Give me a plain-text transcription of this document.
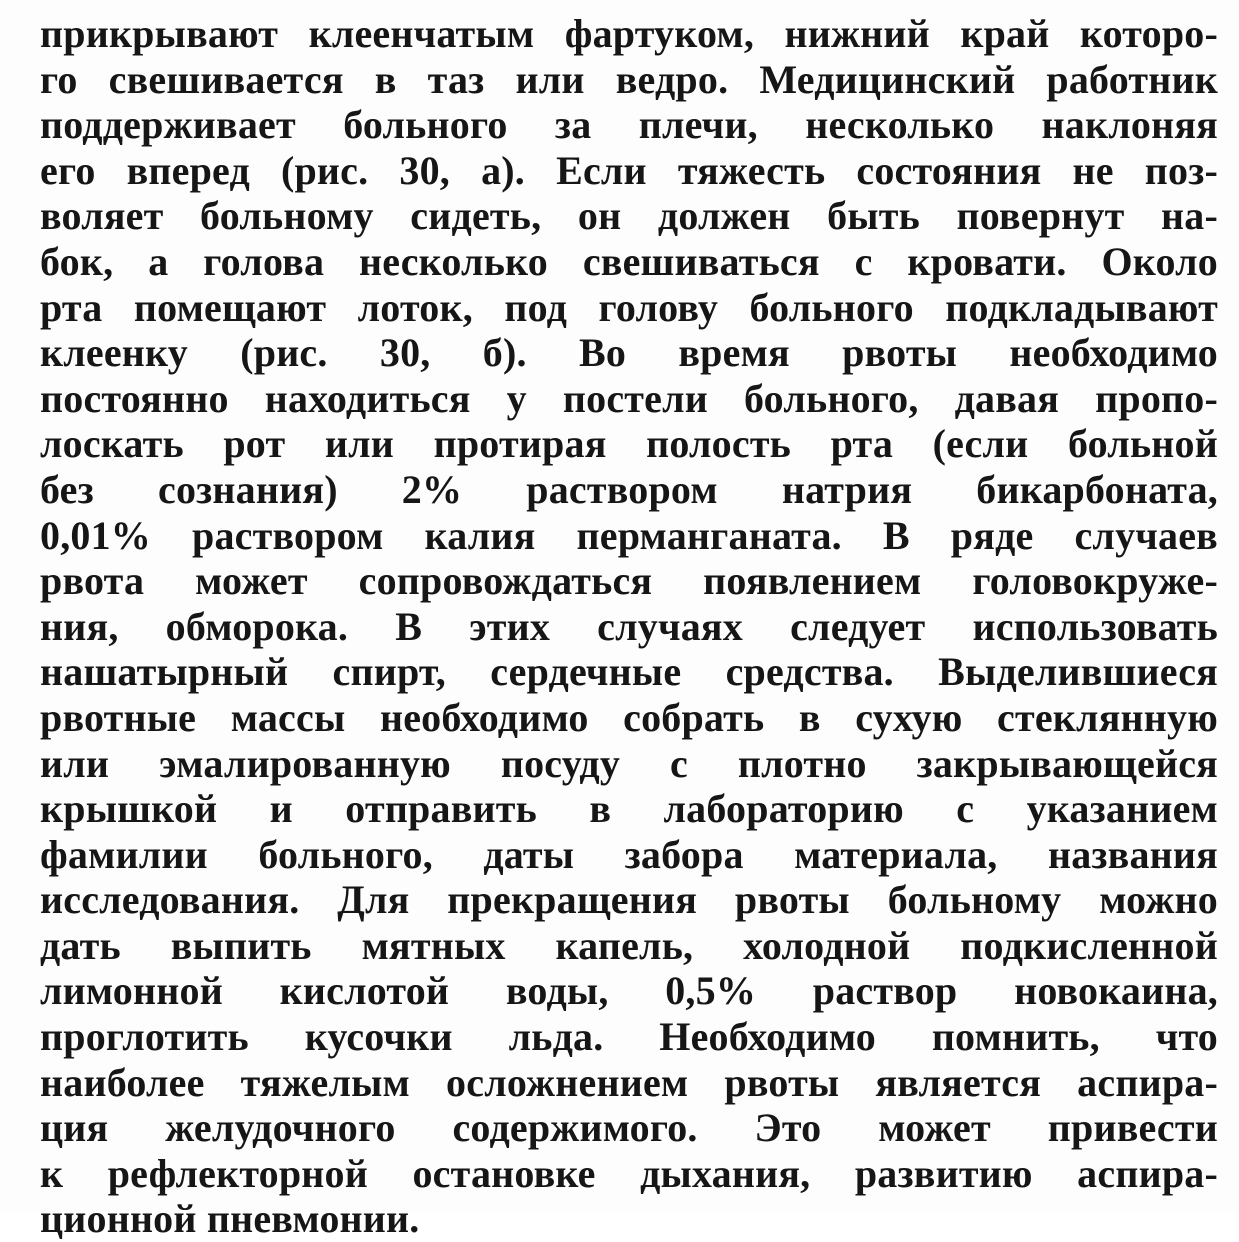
прикрывают клеенчатым фартуком, нижний край которо-
го свешивается в таз или ведро. Медицинский работник
поддерживает больного за плечи, несколько наклоняя
его вперед (рис. 30, а). Если тяжесть состояния не поз-
воляет больному сидеть, он должен быть повернут на-
бок, а голова несколько свешиваться с кровати. Около
рта помещают лоток, под голову больного подкладывают
клеенку (рис. 30, б). Во время рвоты необходимо
постоянно находиться у постели больного, давая пропо-
лоскать рот или протирая полость рта (если больной
без сознания) 2% раствором натрия бикарбоната,
0,01% раствором калия перманганата. В ряде случаев
рвота может сопровождаться появлением головокруже-
ния, обморока. В этих случаях следует использовать
нашатырный спирт, сердечные средства. Выделившиеся
рвотные массы необходимо собрать в сухую стеклянную
или эмалированную посуду с плотно закрывающейся
крышкой и отправить в лабораторию с указанием
фамилии больного, даты забора материала, названия
исследования. Для прекращения рвоты больному можно
дать выпить мятных капель, холодной подкисленной
лимонной кислотой воды, 0,5% раствор новокаина,
проглотить кусочки льда. Необходимо помнить, что
наиболее тяжелым осложнением рвоты является аспира-
ция желудочного содержимого. Это может привести
к рефлекторной остановке дыхания, развитию аспира-
ционной пневмонии.
